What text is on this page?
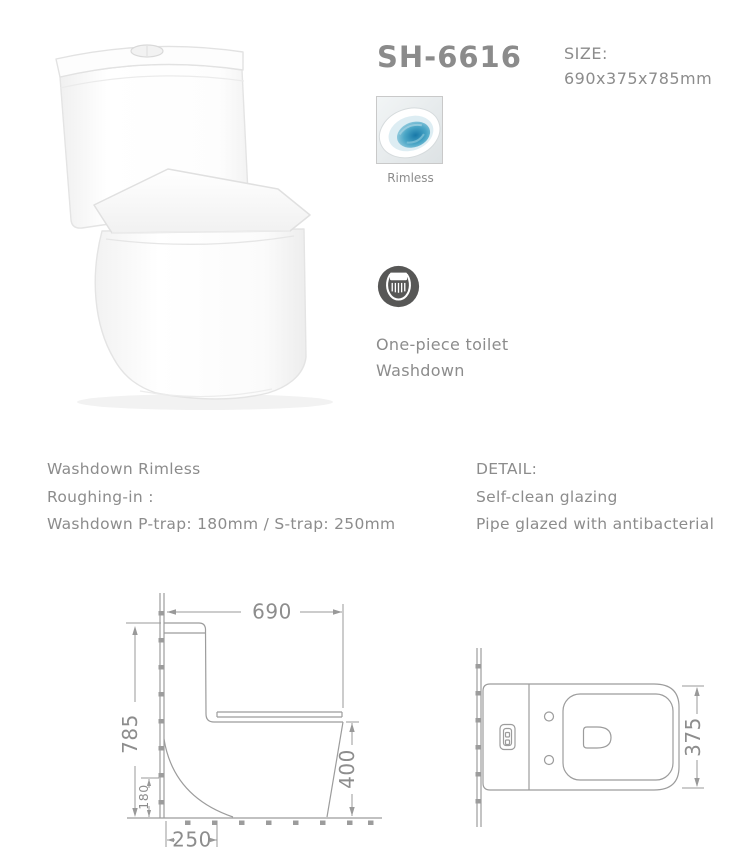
SH-6616	SIZE:
690x375x785mm
Rimless
One-piece toilet
Washdown
Washdown Rimless
Roughing-in :
Washdown P-trap: 180mm / S-trap: 250mm
DETAIL:
Self-clean glazing
Pipe glazed with antibacterial
690
785
180
250
400
375
